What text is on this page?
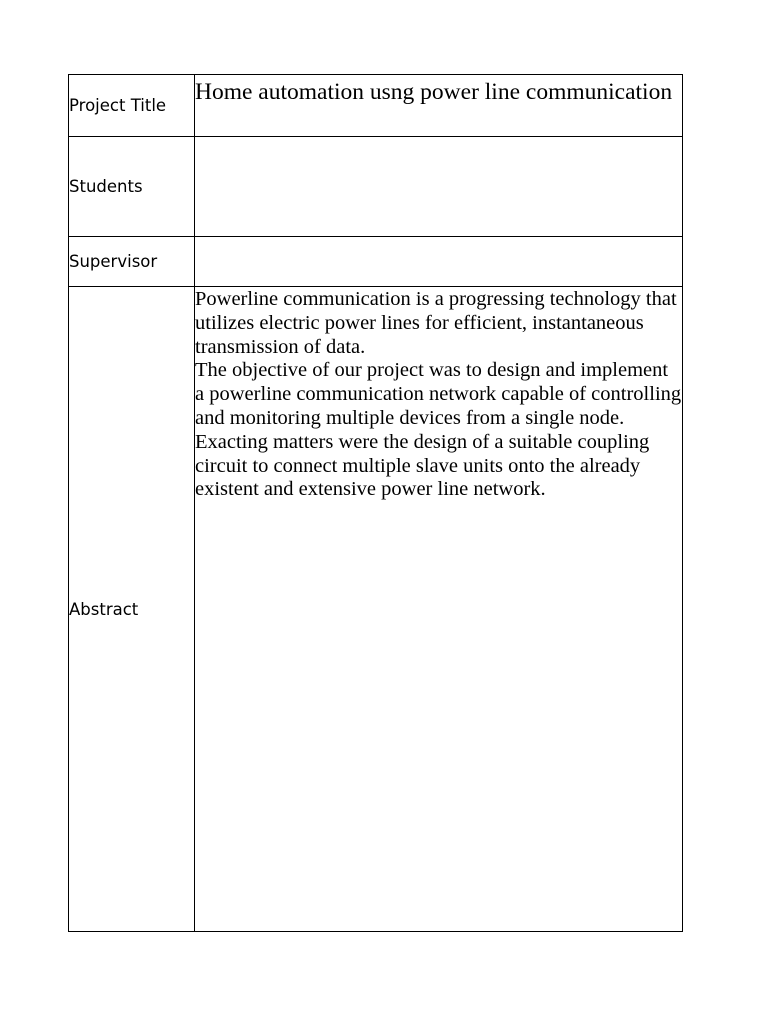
Project Title	Home automation usng power line communication

Students	
Supervisor	
Abstract	Powerline communication is a progressing technology that utilizes electric power lines for efficient, instantaneous transmission of data.

The objective of our project was to design and implement a powerline communication network capable of controlling and monitoring multiple devices from a single node. Exacting matters were the design of a suitable coupling circuit to connect multiple slave units onto the already existent and extensive power line network.
